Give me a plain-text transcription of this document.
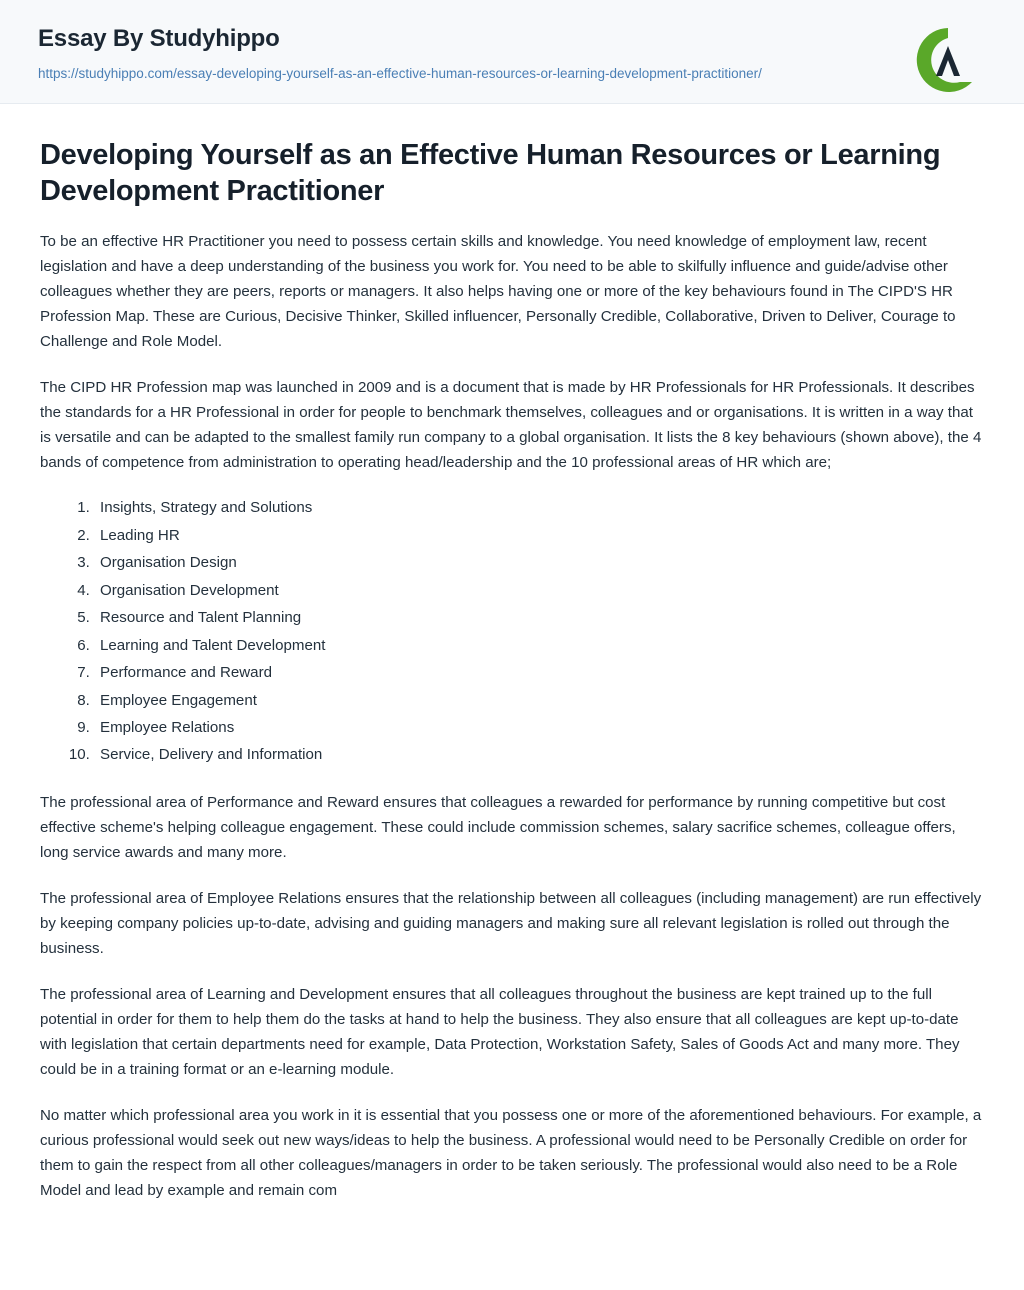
Essay By Studyhippo
https://studyhippo.com/essay-developing-yourself-as-an-effective-human-resources-or-learning-development-practitioner/
Developing Yourself as an Effective Human Resources or Learning Development Practitioner

To be an effective HR Practitioner you need to possess certain skills and knowledge. You need knowledge of employment law, recent legislation and have a deep understanding of the business you work for. You need to be able to skilfully influence and guide/advise other colleagues whether they are peers, reports or managers. It also helps having one or more of the key behaviours found in The CIPD'S HR Profession Map. These are Curious, Decisive Thinker, Skilled influencer, Personally Credible, Collaborative, Driven to Deliver, Courage to Challenge and Role Model.

The CIPD HR Profession map was launched in 2009 and is a document that is made by HR Professionals for HR Professionals. It describes the standards for a HR Professional in order for people to benchmark themselves, colleagues and or organisations. It is written in a way that is versatile and can be adapted to the smallest family run company to a global organisation. It lists the 8 key behaviours (shown above), the 4 bands of competence from administration to operating head/leadership and the 10 professional areas of HR which are;

1. Insights, Strategy and Solutions
2. Leading HR
3. Organisation Design
4. Organisation Development
5. Resource and Talent Planning
6. Learning and Talent Development
7. Performance and Reward
8. Employee Engagement
9. Employee Relations
10. Service, Delivery and Information

The professional area of Performance and Reward ensures that colleagues a rewarded for performance by running competitive but cost effective scheme's helping colleague engagement. These could include commission schemes, salary sacrifice schemes, colleague offers, long service awards and many more.

The professional area of Employee Relations ensures that the relationship between all colleagues (including management) are run effectively by keeping company policies up-to-date, advising and guiding managers and making sure all relevant legislation is rolled out through the business.

The professional area of Learning and Development ensures that all colleagues throughout the business are kept trained up to the full potential in order for them to help them do the tasks at hand to help the business. They also ensure that all colleagues are kept up-to-date with legislation that certain departments need for example, Data Protection, Workstation Safety, Sales of Goods Act and many more. They could be in a training format or an e-learning module.

No matter which professional area you work in it is essential that you possess one or more of the aforementioned behaviours. For example, a curious professional would seek out new ways/ideas to help the business. A professional would need to be Personally Credible on order for them to gain the respect from all other colleagues/managers in order to be taken seriously. The professional would also need to be a Role Model and lead by example and remain com
